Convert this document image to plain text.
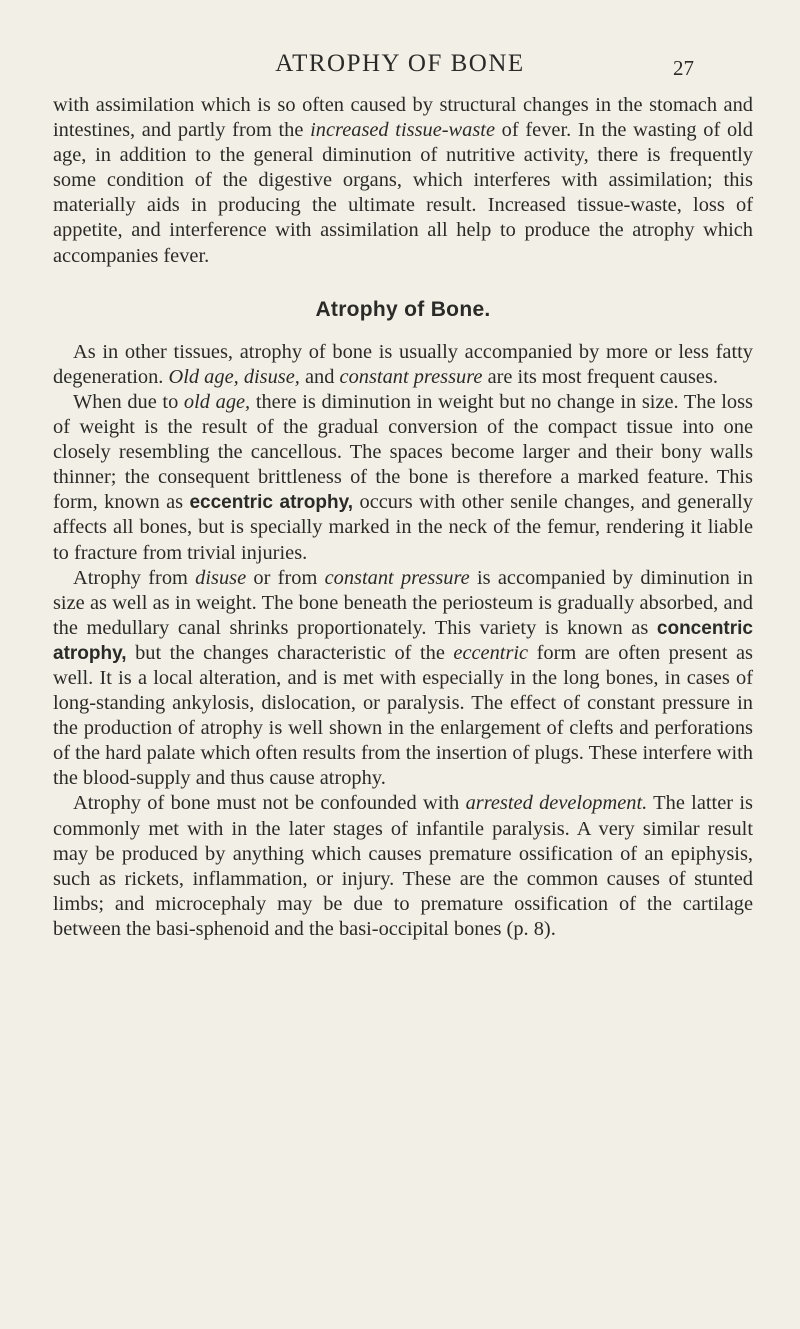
ATROPHY OF BONE	27

with assimilation which is so often caused by structural changes in the stomach and intestines, and partly from the increased tissue-waste of fever. In the wasting of old age, in addition to the general diminution of nutritive activity, there is frequently some condition of the digestive organs, which interferes with assimilation; this materially aids in producing the ultimate result. Increased tissue-waste, loss of appetite, and interference with assimilation all help to produce the atrophy which accompanies fever.

Atrophy of Bone.

As in other tissues, atrophy of bone is usually accompanied by more or less fatty degeneration. Old age, disuse, and constant pressure are its most frequent causes.

When due to old age, there is diminution in weight but no change in size. The loss of weight is the result of the gradual conversion of the compact tissue into one closely resembling the cancellous. The spaces become larger and their bony walls thinner; the consequent brittleness of the bone is therefore a marked feature. This form, known as eccentric atrophy, occurs with other senile changes, and generally affects all bones, but is specially marked in the neck of the femur, rendering it liable to fracture from trivial injuries.

Atrophy from disuse or from constant pressure is accompanied by diminution in size as well as in weight. The bone beneath the periosteum is gradually absorbed, and the medullary canal shrinks proportionately. This variety is known as concentric atrophy, but the changes characteristic of the eccentric form are often present as well. It is a local alteration, and is met with especially in the long bones, in cases of long-standing ankylosis, dislocation, or paralysis. The effect of constant pressure in the production of atrophy is well shown in the enlargement of clefts and perforations of the hard palate which often results from the insertion of plugs. These interfere with the blood-supply and thus cause atrophy.

Atrophy of bone must not be confounded with arrested development. The latter is commonly met with in the later stages of infantile paralysis. A very similar result may be produced by anything which causes premature ossification of an epiphysis, such as rickets, inflammation, or injury. These are the common causes of stunted limbs; and microcephaly may be due to premature ossification of the cartilage between the basi-sphenoid and the basi-occipital bones (p. 8).
